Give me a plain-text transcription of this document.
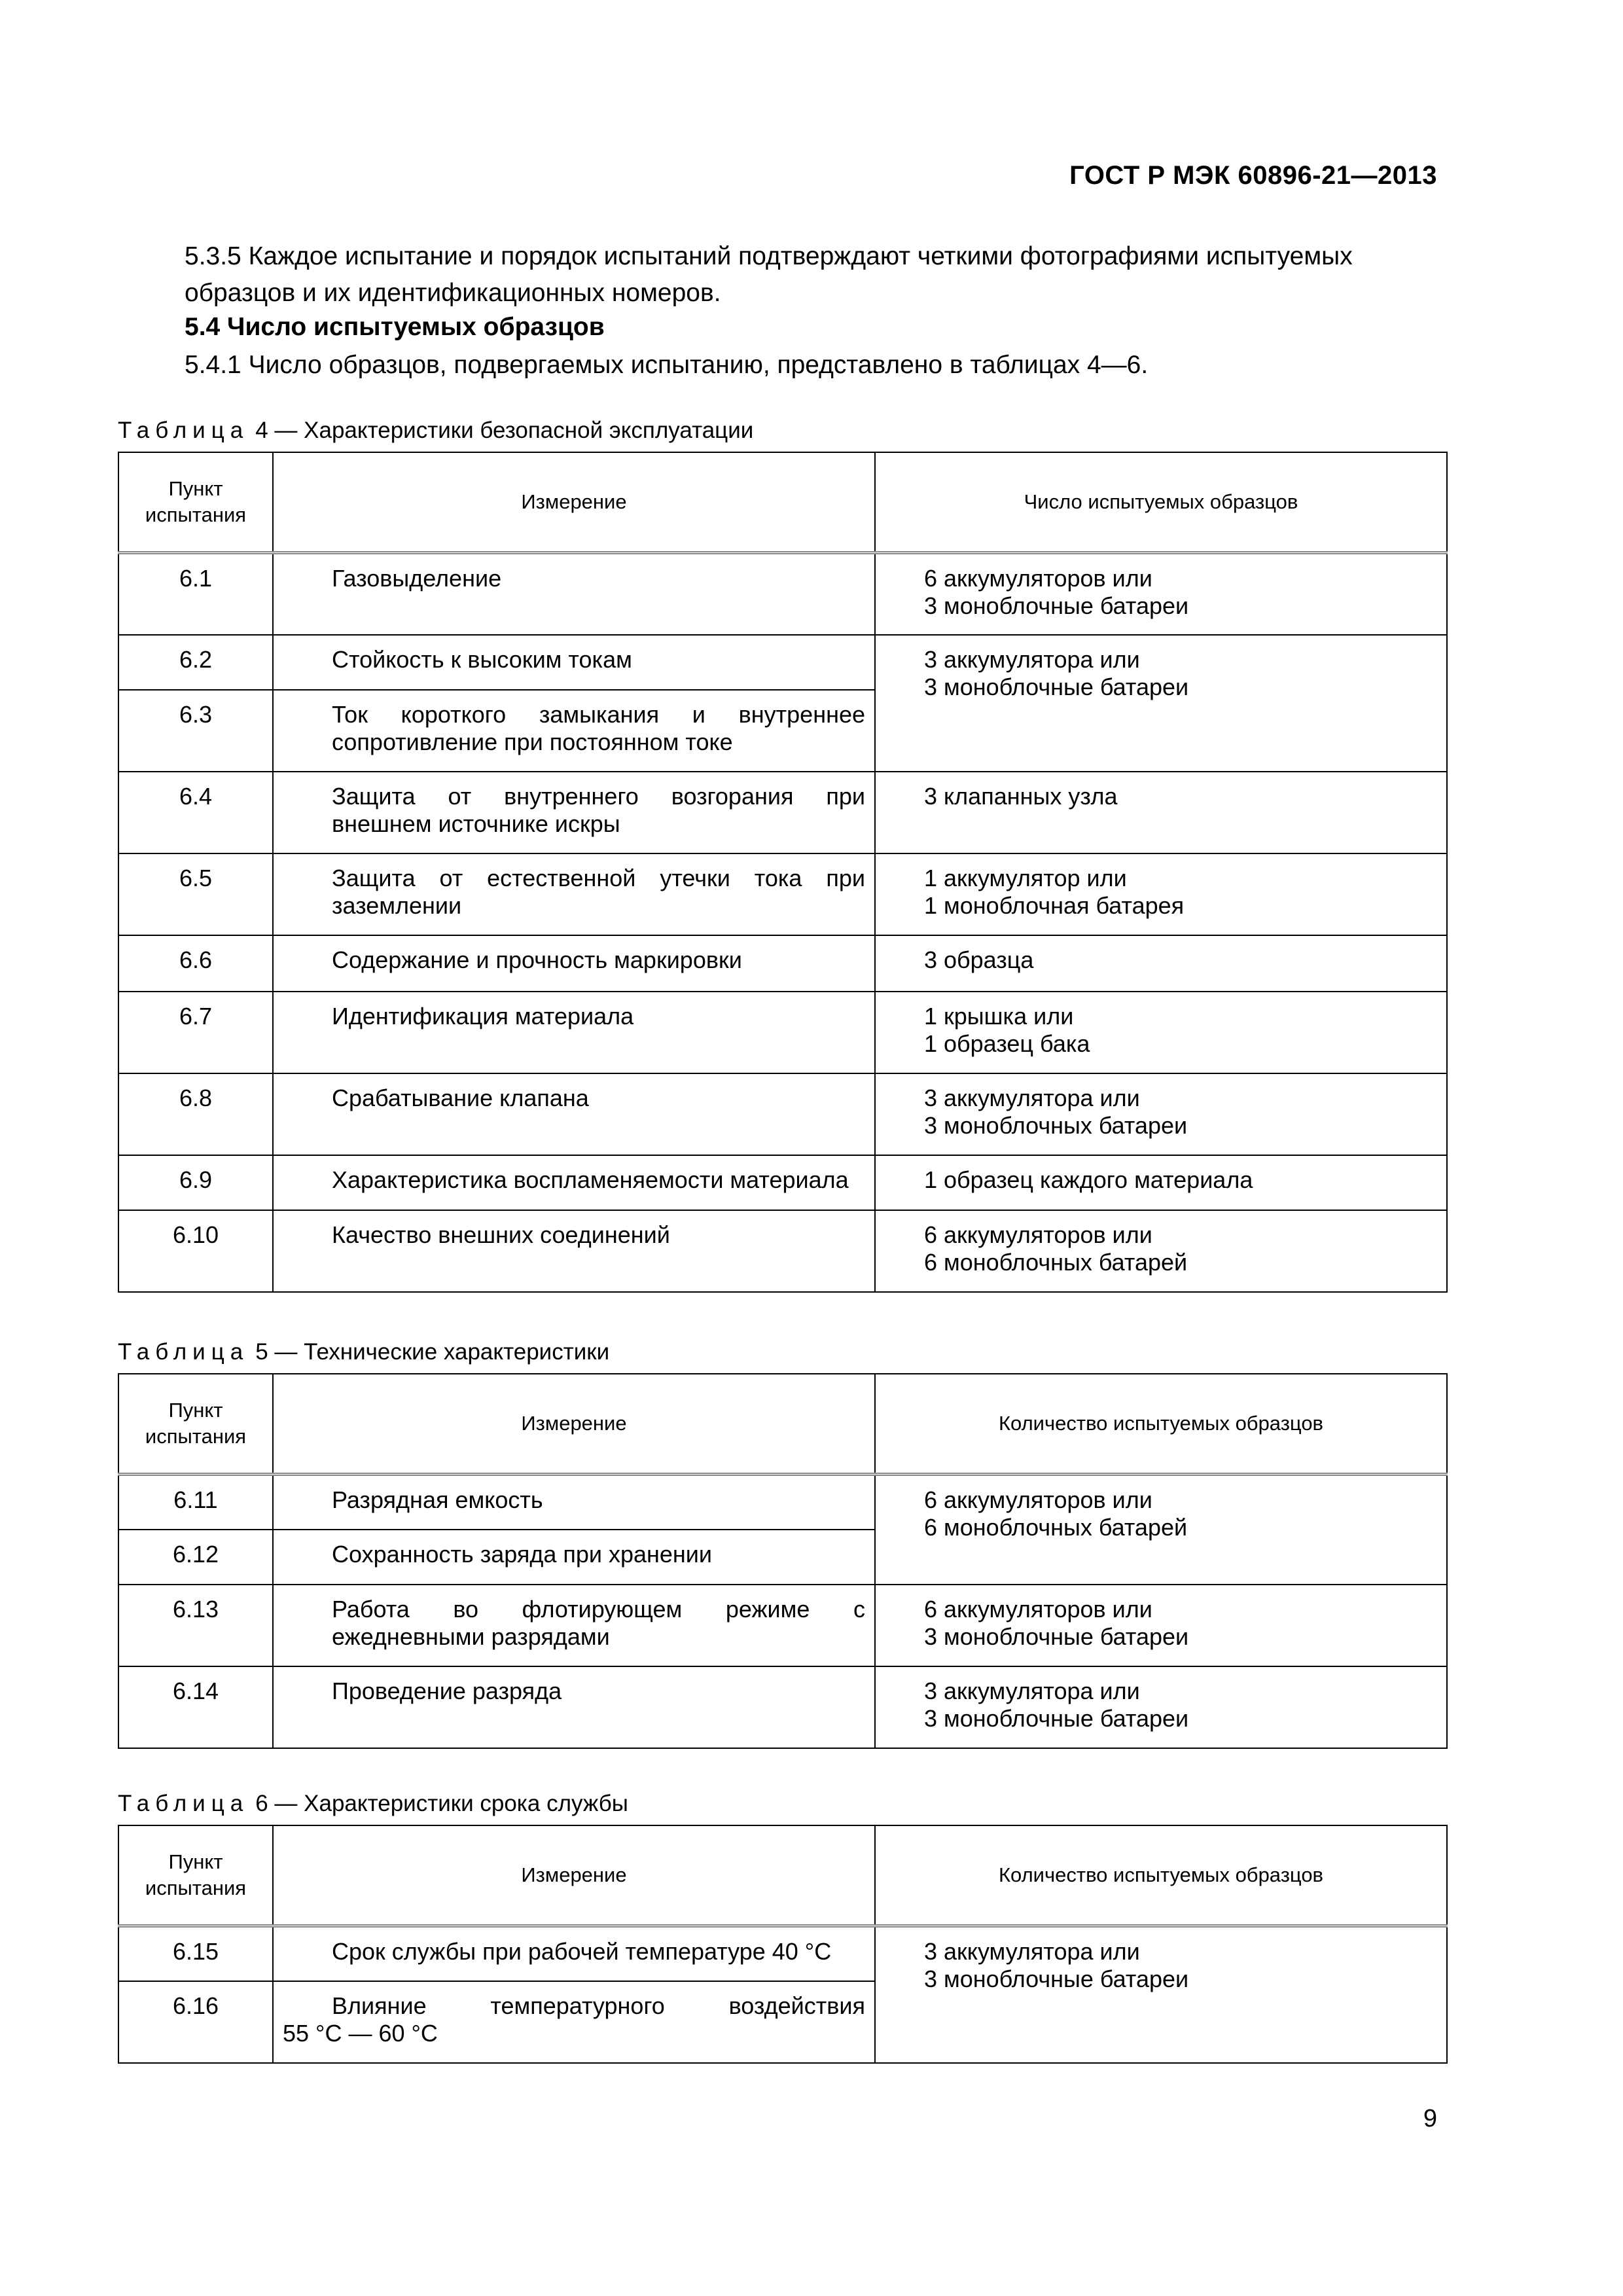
ГОСТ Р МЭК 60896-21—2013
5.3.5 Каждое испытание и порядок испытаний подтверждают четкими фотографиями испытуемых образцов и их идентификационных номеров.
5.4 Число испытуемых образцов
5.4.1 Число образцов, подвергаемых испытанию, представлено в таблицах 4—6.
Таблица 4 — Характеристики безопасной эксплуатации
Пункт испытания	Измерение	Число испытуемых образцов
6.1	Газовыделение	6 аккумуляторов или
3 моноблочные батареи

6.2	Стойкость к высоким токам	3 аккумулятора или
3 моноблочные батареи

6.3	Ток короткого замыкания и внутреннее сопротивление при постоянном токе	

6.4	Защита от внутреннего возгорания при внешнем источнике искры	3 клапанных узла

6.5	Защита от естественной утечки тока при заземлении	1 аккумулятор или
1 моноблочная батарея

6.6	Содержание и прочность маркировки	3 образца

6.7	Идентификация материала	1 крышка или
1 образец бака

6.8	Срабатывание клапана	3 аккумулятора или
3 моноблочных батареи

6.9	Характеристика воспламеняемости материала	1 образец каждого материала

6.10	Качество внешних соединений	6 аккумуляторов или
6 моноблочных батарей
Таблица 5 — Технические характеристики
Пункт испытания	Измерение	Количество испытуемых образцов
6.11	Разрядная емкость	6 аккумуляторов или
6 моноблочных батарей

6.12	Сохранность заряда при хранении	

6.13	Работа во флотирующем режиме с ежедневными разрядами	6 аккумуляторов или
3 моноблочные батареи

6.14	Проведение разряда	3 аккумулятора или
3 моноблочные батареи
Таблица 6 — Характеристики срока службы
Пункт испытания	Измерение	Количество испытуемых образцов
6.15	Срок службы при рабочей температуре 40 °С	3 аккумулятора или
3 моноблочные батареи

6.16	Влияние температурного воздействия
55 °С — 60 °С	
9
